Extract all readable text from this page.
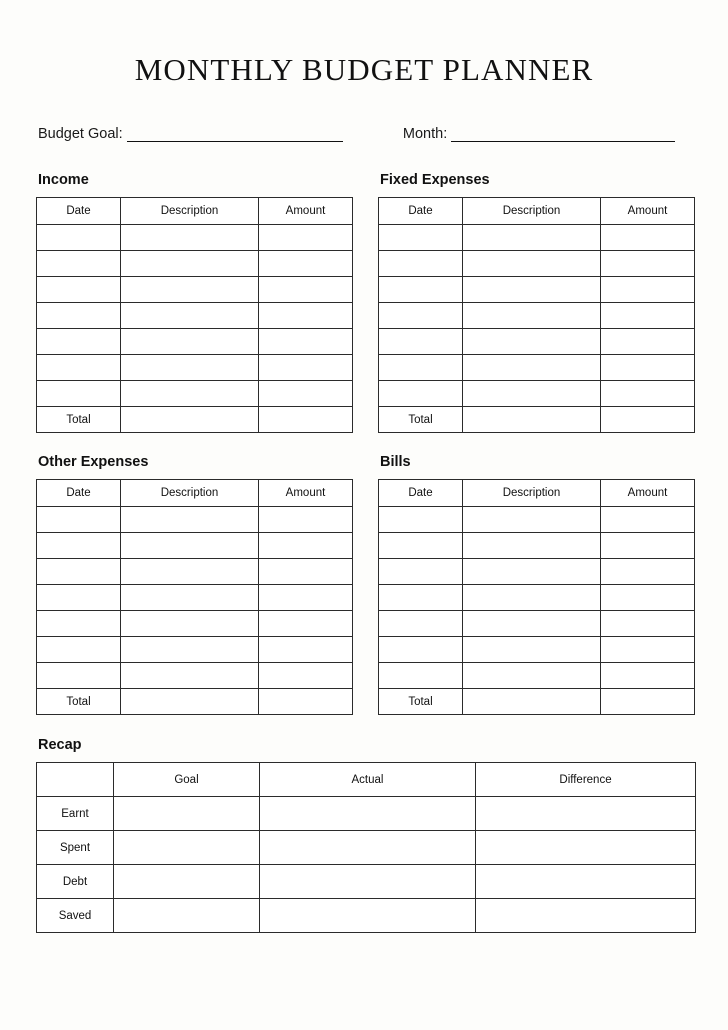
MONTHLY BUDGET PLANNER
Budget Goal:	Month:
Income
Date	Description	Amount

Total		
Other Expenses
Date	Description	Amount

Total		
Fixed Expenses
Date	Description	Amount

Total		
Bills
Date	Description	Amount

Total		
Recap
	Goal	Actual	Difference
Earnt			
Spent			
Debt			
Saved			
